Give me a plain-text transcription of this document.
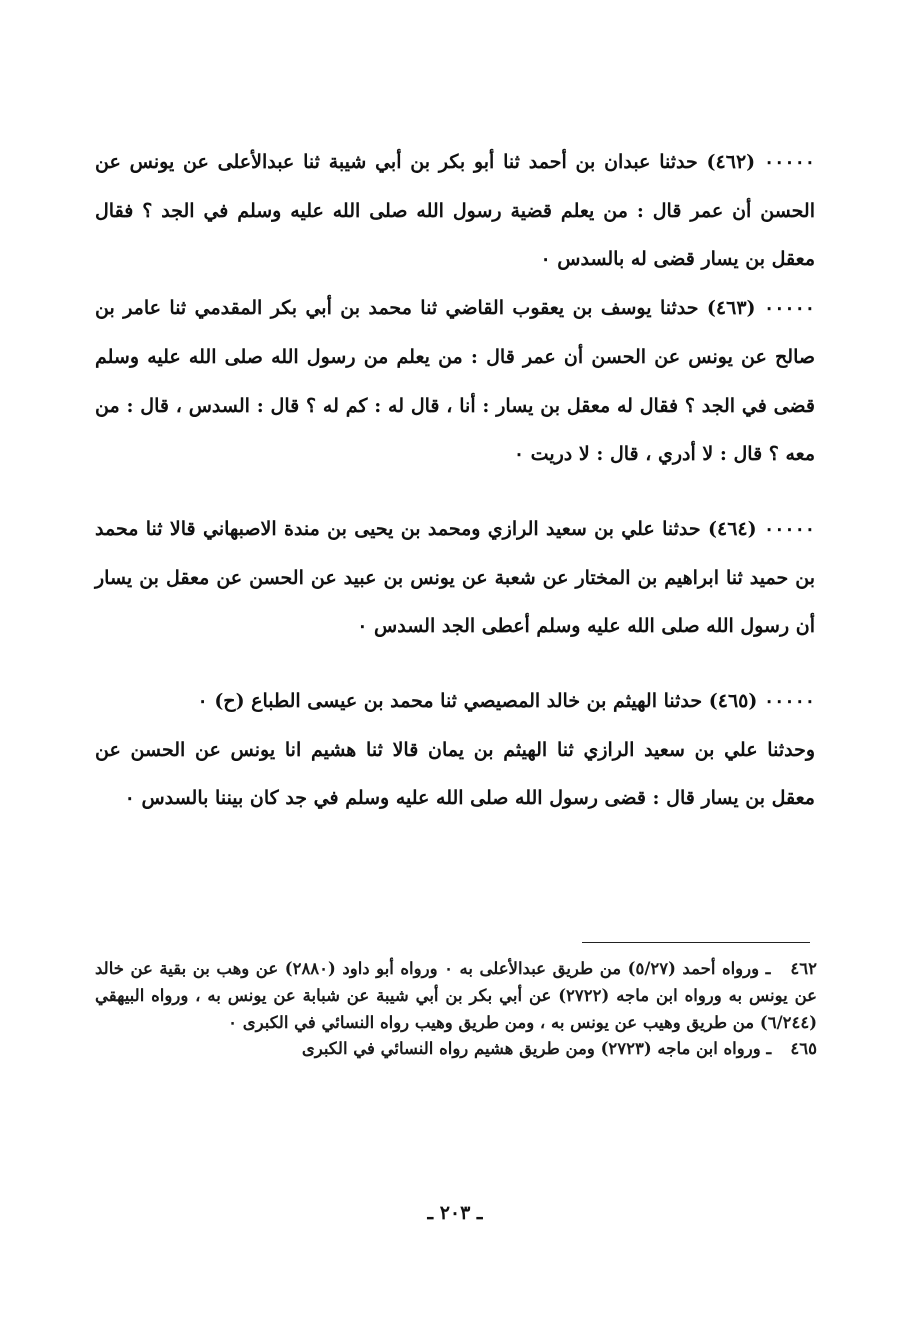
٠٠٠٠٠ (٤٦٢) حدثنا عبدان بن أحمد ثنا أبو بكر بن أبي شيبة ثنا عبدالأعلى عن يونس عن الحسن أن عمر قال : من يعلم قضية رسول الله صلى الله عليه وسلم في الجد ؟ فقال معقل بن يسار قضى له بالسدس ٠

٠٠٠٠٠ (٤٦٣) حدثنا يوسف بن يعقوب القاضي ثنا محمد بن أبي بكر المقدمي ثنا عامر بن صالح عن يونس عن الحسن أن عمر قال : من يعلم من رسول الله صلى الله عليه وسلم قضى في الجد ؟ فقال له معقل بن يسار : أنا ، قال له : كم له ؟ قال : السدس ، قال : من معه ؟ قال : لا أدري ، قال : لا دريت ٠

٠٠٠٠٠ (٤٦٤) حدثنا علي بن سعيد الرازي ومحمد بن يحيى بن مندة الاصبهاني قالا ثنا محمد بن حميد ثنا ابراهيم بن المختار عن شعبة عن يونس بن عبيد عن الحسن عن معقل بن يسار أن رسول الله صلى الله عليه وسلم أعطى الجد السدس ٠

٠٠٠٠٠ (٤٦٥) حدثنا الهيثم بن خالد المصيصي ثنا محمد بن عيسى الطباع (ح) ٠

وحدثنا علي بن سعيد الرازي ثنا الهيثم بن يمان قالا ثنا هشيم انا يونس عن الحسن عن معقل بن يسار قال : قضى رسول الله صلى الله عليه وسلم في جد كان بيننا بالسدس ٠

٤٦٢ ـ ورواه أحمد (٥/٢٧) من طريق عبدالأعلى به ٠ ورواه أبو داود (٢٨٨٠) عن وهب بن بقية عن خالد عن يونس به ورواه ابن ماجه (٢٧٢٢) عن أبي بكر بن أبي شيبة عن شبابة عن يونس به ، ورواه البيهقي (٦/٢٤٤) من طريق وهيب عن يونس به ، ومن طريق وهيب رواه النسائي في الكبرى ٠

٤٦٥ ـ ورواه ابن ماجه (٢٧٢٣) ومن طريق هشيم رواه النسائي في الكبرى

ـ ٢٠٣ ـ
